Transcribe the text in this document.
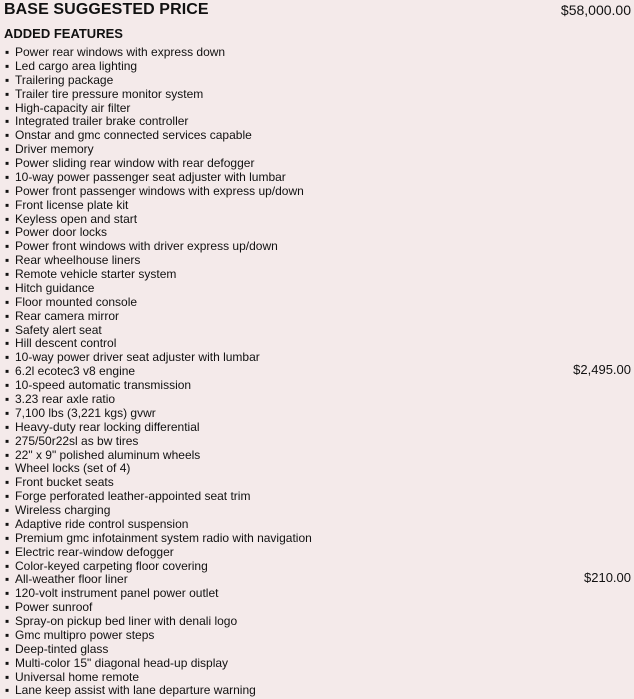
BASE SUGGESTED PRICE	$58,000.00
ADDED FEATURES
▪ Power rear windows with express down
▪ Led cargo area lighting
▪ Trailering package
▪ Trailer tire pressure monitor system
▪ High-capacity air filter
▪ Integrated trailer brake controller
▪ Onstar and gmc connected services capable
▪ Driver memory
▪ Power sliding rear window with rear defogger
▪ 10-way power passenger seat adjuster with lumbar
▪ Power front passenger windows with express up/down
▪ Front license plate kit
▪ Keyless open and start
▪ Power door locks
▪ Power front windows with driver express up/down
▪ Rear wheelhouse liners
▪ Remote vehicle starter system
▪ Hitch guidance
▪ Floor mounted console
▪ Rear camera mirror
▪ Safety alert seat
▪ Hill descent control
▪ 10-way power driver seat adjuster with lumbar
▪ 6.2l ecotec3 v8 engine	$2,495.00
▪ 10-speed automatic transmission
▪ 3.23 rear axle ratio
▪ 7,100 lbs (3,221 kgs) gvwr
▪ Heavy-duty rear locking differential
▪ 275/50r22sl as bw tires
▪ 22" x 9" polished aluminum wheels
▪ Wheel locks (set of 4)
▪ Front bucket seats
▪ Forge perforated leather-appointed seat trim
▪ Wireless charging
▪ Adaptive ride control suspension
▪ Premium gmc infotainment system radio with navigation
▪ Electric rear-window defogger
▪ Color-keyed carpeting floor covering
▪ All-weather floor liner	$210.00
▪ 120-volt instrument panel power outlet
▪ Power sunroof
▪ Spray-on pickup bed liner with denali logo
▪ Gmc multipro power steps
▪ Deep-tinted glass
▪ Multi-color 15" diagonal head-up display
▪ Universal home remote
▪ Lane keep assist with lane departure warning
